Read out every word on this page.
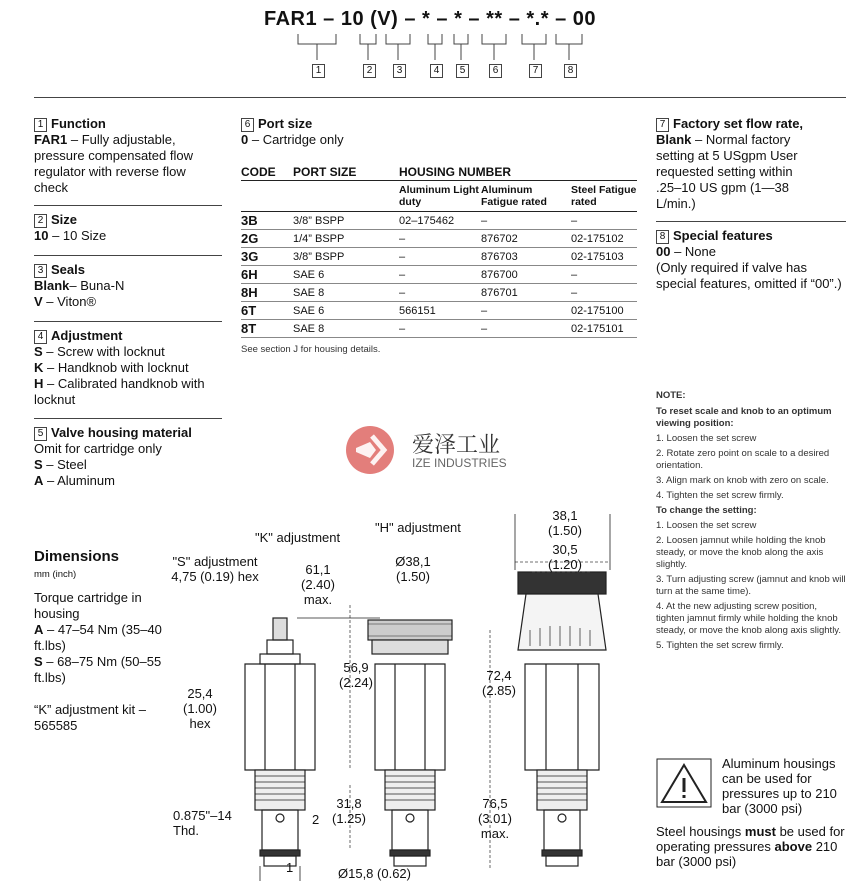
FAR1 – 10 (V) – * – * – ** – *.* – 00
1	2	3	4	5	6	7	8
1 Function
FAR1 – Fully adjustable, pressure compensated flow regulator with reverse flow check
2 Size
10 – 10 Size
3 Seals
Blank– Buna-N
V – Viton®
4 Adjustment
S – Screw with locknut
K – Handknob with locknut
H – Calibrated handknob with locknut
5 Valve housing material
Omit for cartridge only
S – Steel
A – Aluminum
6 Port size
0 – Cartridge only
CODE	PORT SIZE	HOUSING NUMBER		
		Aluminum Light duty	Aluminum Fatigue rated	Steel Fatigue rated
3B	3/8” BSPP	02–175462	–	–
2G	1/4” BSPP	–	876702	02-175102
3G	3/8” BSPP	–	876703	02-175103
6H	SAE 6	–	876700	–
8H	SAE 8	–	876701	–
6T	SAE 6	566151	–	02-175100
8T	SAE 8	–	–	02-175101
See section J for housing details.
7 Factory set flow rate,
Blank – Normal factory setting at 5 USgpm User requested setting within .25–10 US gpm (1—38 L/min.)
8 Special features
00 – None
(Only required if valve has special features, omitted if “00”.)
NOTE:
To reset scale and knob to an optimum viewing position:
1. Loosen the set screw
2. Rotate zero point on scale to a desired orientation.
3. Align mark on knob with zero on scale.
4. Tighten the set screw firmly.
To change the setting:
1. Loosen the set screw
2. Loosen jamnut while holding the knob steady, or move the knob along the axis slightly.
3. Turn adjusting screw (jamnut and knob will turn at the same time).
4. At the new adjusting screw position, tighten jamnut firmly while holding the knob steady, or move the knob along axis slightly.
5. Tighten the set screw firmly.
爱泽工业
IZE INDUSTRIES
Dimensions
mm (inch)
Torque cartridge in housing
A – 47–54 Nm (35–40 ft.lbs)
S – 68–75 Nm (50–55 ft.lbs)
“K” adjustment kit – 565585
"K" adjustment
"H" adjustment
"S" adjustment 4,75 (0.19) hex	61,1 (2.40) max.
Ø38,1 (1.50)
38,1 (1.50)
30,5 (1.20)
56,9 (2.24)	72,4 (2.85)
25,4 (1.00) hex
31,8 (1.25)
76,5 (3.01) max.
0.875"–14 Thd.
2
1	Ø15,8 (0.62)
Aluminum housings can be used for pressures up to 210 bar (3000 psi)
Steel housings must be used for operating pressures above 210 bar (3000 psi)
